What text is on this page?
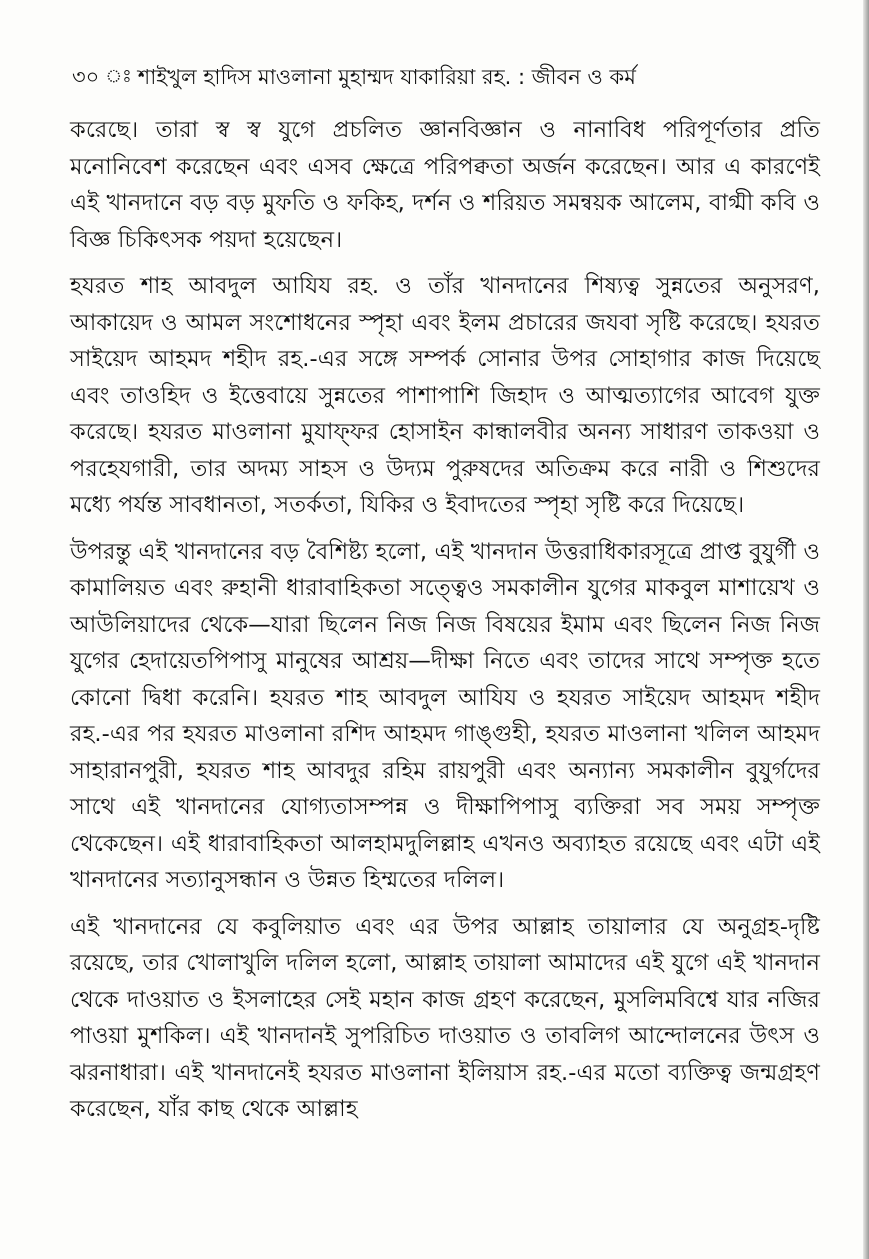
৩০ ঃ শাইখুল হাদিস মাওলানা মুহাম্মদ যাকারিয়া রহ. : জীবন ও কর্ম

করেছে। তারা স্ব স্ব যুগে প্রচলিত জ্ঞানবিজ্ঞান ও নানাবিধ পরিপূর্ণতার প্রতি মনোনিবেশ করেছেন এবং এসব ক্ষেত্রে পরিপক্বতা অর্জন করেছেন। আর এ কারণেই এই খানদানে বড় বড় মুফতি ও ফকিহ, দর্শন ও শরিয়ত সমন্বয়ক আলেম, বাগ্মী কবি ও বিজ্ঞ চিকিৎসক পয়দা হয়েছেন।

হযরত শাহ আবদুল আযিয রহ. ও তাঁর খানদানের শিষ্যত্ব সুন্নতের অনুসরণ, আকায়েদ ও আমল সংশোধনের স্পৃহা এবং ইলম প্রচারের জযবা সৃষ্টি করেছে। হযরত সাইয়েদ আহমদ শহীদ রহ.-এর সঙ্গে সম্পর্ক সোনার উপর সোহাগার কাজ দিয়েছে এবং তাওহিদ ও ইত্তেবায়ে সুন্নতের পাশাপাশি জিহাদ ও আত্মত্যাগের আবেগ যুক্ত করেছে। হযরত মাওলানা মুযাফ্ফর হোসাইন কান্ধালবীর অনন্য সাধারণ তাকওয়া ও পরহেযগারী, তার অদম্য সাহস ও উদ্যম পুরুষদের অতিক্রম করে নারী ও শিশুদের মধ্যে পর্যন্ত সাবধানতা, সতর্কতা, যিকির ও ইবাদতের স্পৃহা সৃষ্টি করে দিয়েছে।

উপরন্তু এই খানদানের বড় বৈশিষ্ট্য হলো, এই খানদান উত্তরাধিকারসূত্রে প্রাপ্ত বুযুর্গী ও কামালিয়ত এবং রুহানী ধারাবাহিকতা সত্ত্বেও সমকালীন যুগের মাকবুল মাশায়েখ ও আউলিয়াদের থেকে—যারা ছিলেন নিজ নিজ বিষয়ের ইমাম এবং ছিলেন নিজ নিজ যুগের হেদায়েতপিপাসু মানুষের আশ্রয়—দীক্ষা নিতে এবং তাদের সাথে সম্পৃক্ত হতে কোনো দ্বিধা করেনি। হযরত শাহ আবদুল আযিয ও হযরত সাইয়েদ আহমদ শহীদ রহ.-এর পর হযরত মাওলানা রশিদ আহমদ গাঙ্গুহী, হযরত মাওলানা খলিল আহমদ সাহারানপুরী, হযরত শাহ আবদুর রহিম রায়পুরী এবং অন্যান্য সমকালীন বুযুর্গদের সাথে এই খানদানের যোগ্যতাসম্পন্ন ও দীক্ষাপিপাসু ব্যক্তিরা সব সময় সম্পৃক্ত থেকেছেন। এই ধারাবাহিকতা আলহামদুলিল্লাহ এখনও অব্যাহত রয়েছে এবং এটা এই খানদানের সত্যানুসন্ধান ও উন্নত হিম্মতের দলিল।

এই খানদানের যে কবুলিয়াত এবং এর উপর আল্লাহ তায়ালার যে অনুগ্রহ-দৃষ্টি রয়েছে, তার খোলাখুলি দলিল হলো, আল্লাহ তায়ালা আমাদের এই যুগে এই খানদান থেকে দাওয়াত ও ইসলাহের সেই মহান কাজ গ্রহণ করেছেন, মুসলিমবিশ্বে যার নজির পাওয়া মুশকিল। এই খানদানই সুপরিচিত দাওয়াত ও তাবলিগ আন্দোলনের উৎস ও ঝরনাধারা। এই খানদানেই হযরত মাওলানা ইলিয়াস রহ.-এর মতো ব্যক্তিত্ব জন্মগ্রহণ করেছেন, যাঁর কাছ থেকে আল্লাহ
